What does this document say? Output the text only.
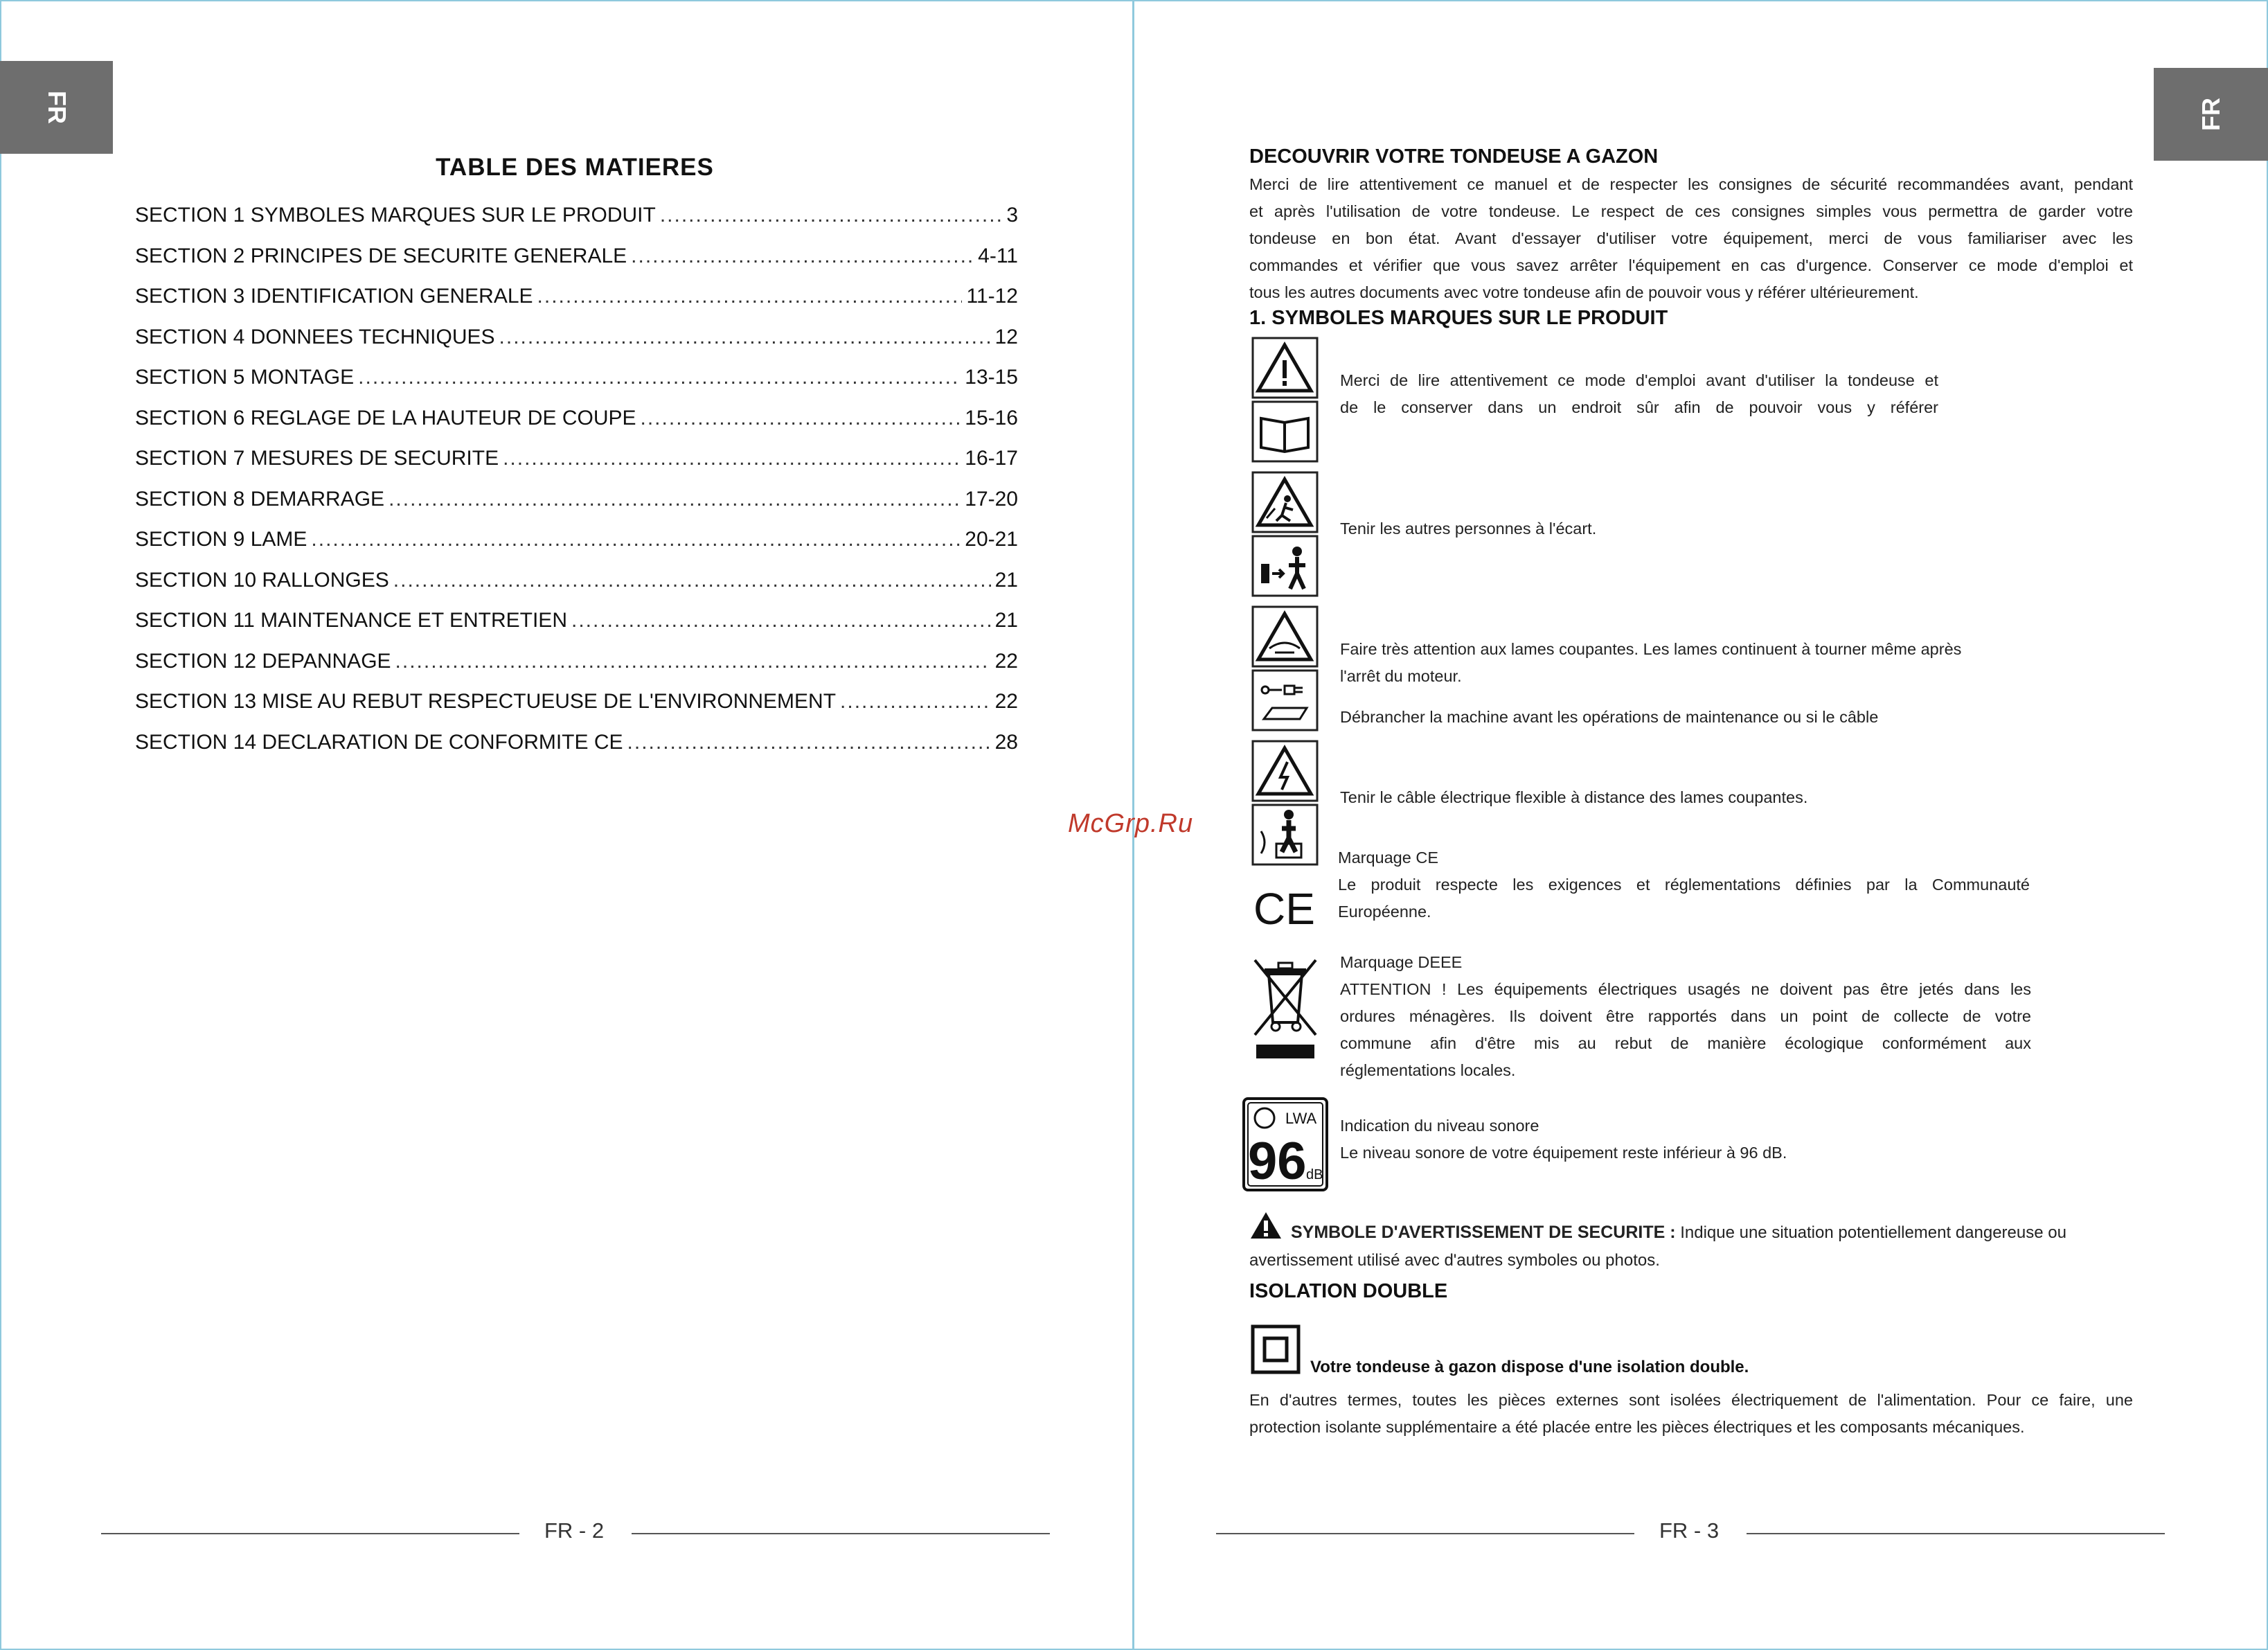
FR
TABLE DES MATIERES
SECTION 1 SYMBOLES MARQUES SUR LE PRODUIT .....	3
SECTION 2 PRINCIPES DE SECURITE GENERALE .....	4-11
SECTION 3 IDENTIFICATION GENERALE .....	11-12
SECTION 4 DONNEES TECHNIQUES .....	12
SECTION 5 MONTAGE .....	13-15
SECTION 6 REGLAGE DE LA HAUTEUR DE COUPE .....	15-16
SECTION 7 MESURES DE SECURITE .....	16-17
SECTION 8 DEMARRAGE .....	17-20
SECTION 9 LAME .....	20-21
SECTION 10 RALLONGES .....	21
SECTION 11 MAINTENANCE ET ENTRETIEN .....	21
SECTION 12 DEPANNAGE .....	22
SECTION 13 MISE AU REBUT RESPECTUEUSE DE L'ENVIRONNEMENT .....	22
SECTION 14 DECLARATION DE CONFORMITE CE .....	28
FR - 2
McGrp.Ru
FR
DECOUVRIR VOTRE TONDEUSE A GAZON
Merci de lire attentivement ce manuel et de respecter les consignes de sécurité recommandées avant, pendant
et après l'utilisation de votre tondeuse. Le respect de ces consignes simples vous permettra de garder votre
tondeuse en bon état. Avant d'essayer d'utiliser votre équipement, merci de vous familiariser avec les
commandes et vérifier que vous savez arrêter l'équipement en cas d'urgence. Conserver ce mode d'emploi et
tous les autres documents avec votre tondeuse afin de pouvoir vous y référer ultérieurement.
1. SYMBOLES MARQUES SUR LE PRODUIT
Merci de lire attentivement ce mode d'emploi avant d'utiliser la tondeuse et
de le conserver dans un endroit sûr afin de pouvoir vous y référer
Tenir les autres personnes à l'écart.
Faire très attention aux lames coupantes. Les lames continuent à tourner même après
l'arrêt du moteur.
Débrancher la machine avant les opérations de maintenance ou si le câble
Tenir le câble électrique flexible à distance des lames coupantes.
CE
Marquage CE
Le produit respecte les exigences et réglementations définies par la Communauté
Européenne.
Marquage DEEE
ATTENTION ! Les équipements électriques usagés ne doivent pas être jetés dans les
ordures ménagères. Ils doivent être rapportés dans un point de collecte de votre
commune afin d'être mis au rebut de manière écologique conformément aux
réglementations locales.
LWA
96 dB
Indication du niveau sonore
Le niveau sonore de votre équipement reste inférieur à 96 dB.
SYMBOLE D'AVERTISSEMENT DE SECURITE : Indique une situation potentiellement dangereuse ou
avertissement utilisé avec d'autres symboles ou photos.
ISOLATION DOUBLE
Votre tondeuse à gazon dispose d'une isolation double.
En d'autres termes, toutes les pièces externes sont isolées électriquement de l'alimentation. Pour ce faire, une
protection isolante supplémentaire a été placée entre les pièces électriques et les composants mécaniques.
FR - 3
